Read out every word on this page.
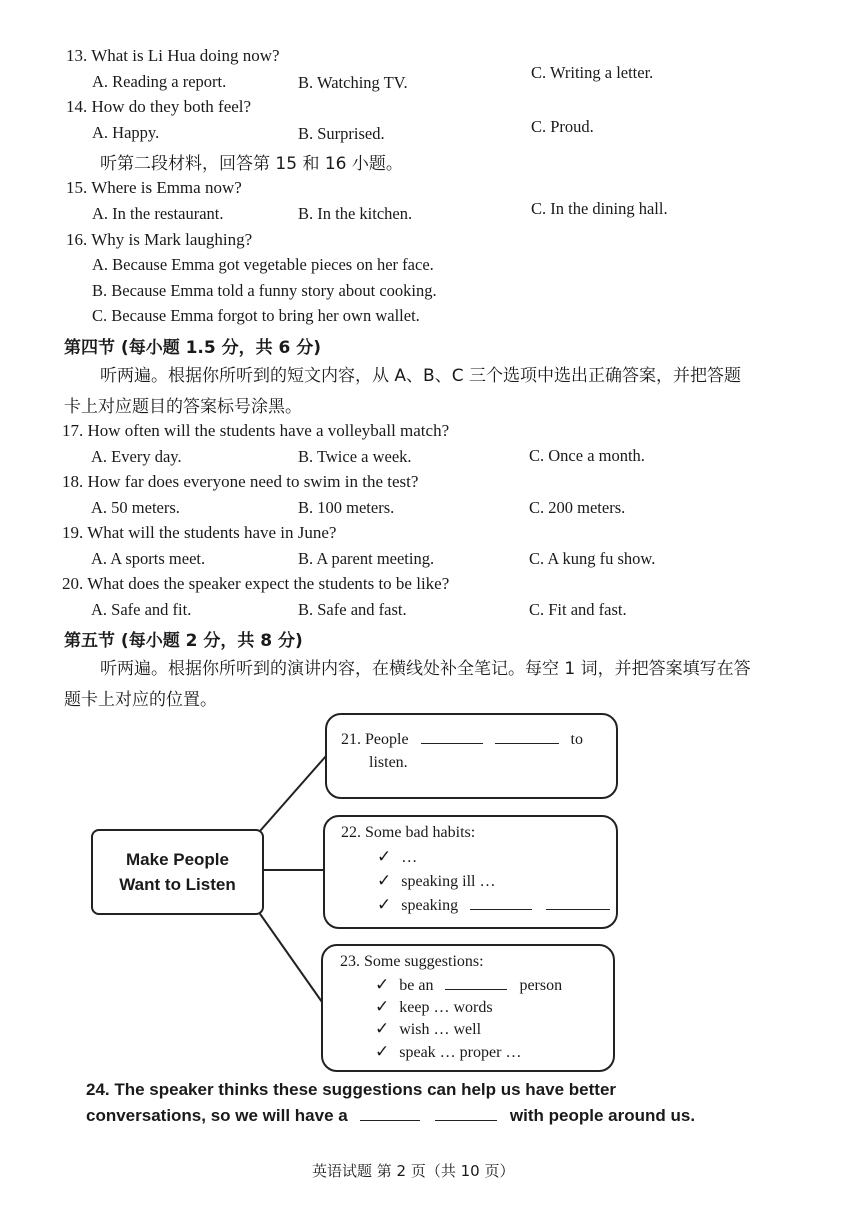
13. What is Li Hua doing now?
A. Reading a report.	B. Watching TV.
C. Writing a letter.
14. How do they both feel?
A. Happy.	B. Surprised.	C. Proud.
听第二段材料，回答第 15 和 16 小题。
15. Where is Emma now?
A. In the restaurant.	B. In the kitchen.	C. In the dining hall.
16. Why is Mark laughing?
A. Because Emma got vegetable pieces on her face.
B. Because Emma told a funny story about cooking.
C. Because Emma forgot to bring her own wallet.
第四节 (每小题 1.5 分，共 6 分)
听两遍。根据你所听到的短文内容，从 A、B、C 三个选项中选出正确答案，并把答题
卡上对应题目的答案标号涂黑。
17. How often will the students have a volleyball match?
A. Every day.	B. Twice a week.	C. Once a month.
18. How far does everyone need to swim in the test?
A. 50 meters.	B. 100 meters.	C. 200 meters.
19. What will the students have in June?
A. A sports meet.	B. A parent meeting.	C. A kung fu show.
20. What does the speaker expect the students to be like?
A. Safe and fit.	B. Safe and fast.	C. Fit and fast.
第五节 (每小题 2 分，共 8 分)
听两遍。根据你所听到的演讲内容，在横线处补全笔记。每空 1 词，并把答案填写在答
题卡上对应的位置。
Make People
Want to Listen
21. People	to
listen.
22. Some bad habits:
✓ …
✓ speaking ill …
✓ speaking
23. Some suggestions:
✓ be an	person
✓ keep … words
✓ wish … well
✓ speak … proper …
24. The speaker thinks these suggestions can help us have better
conversations, so we will have a	with people around us.
英语试题 第 2 页（共 10 页）
